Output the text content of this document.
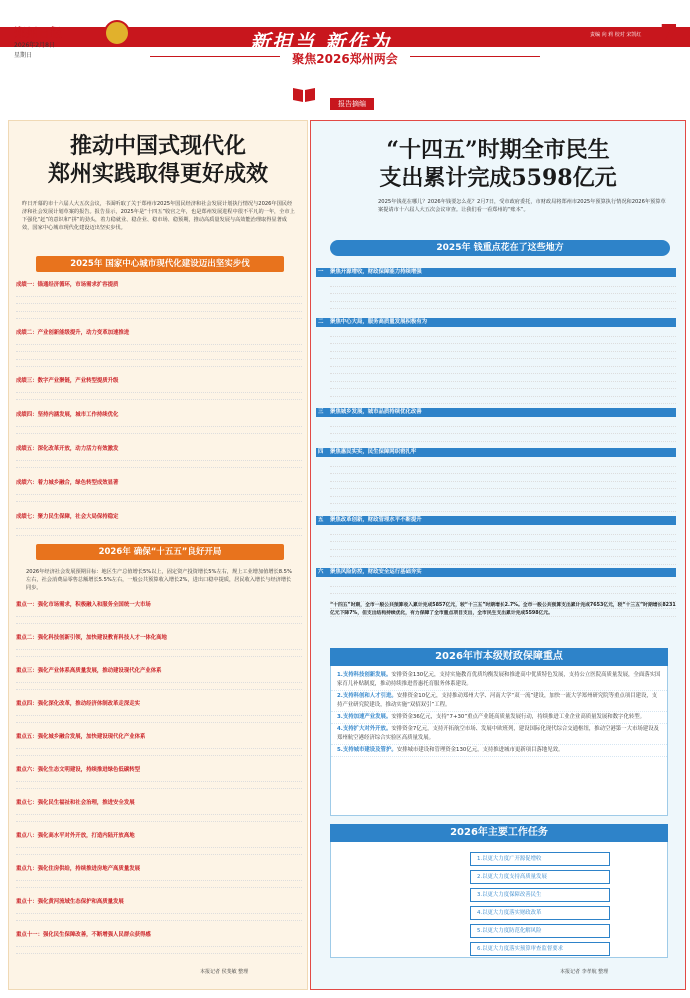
郑州日报
2026年2月8日
星期日
新担当 新作为	责编 向 莉 校对 宋凯红 7
聚焦2026郑州两会
报告摘编
推动中国式现代化
郑州实践取得更好成效
昨日开幕的市十六届人大五次会议，书面听取了关于郑州市2025年国民经济和社会发展计划执行情况与2026年国民经济和社会发展计划草案的报告。报告显示，2025年是“十四五”收官之年，也是郑州发展进程中很不平凡的一年，全市上下强化“赶”的意识和“拼”的劲头，着力稳就业、稳企业、稳市场、稳预期，推动高质量发展与高效能治理取得显著成效，国家中心城市现代化建设迈出坚实步伐。
2025年 国家中心城市现代化建设迈出坚实步伐
成绩一：锚通经济循环，市场需求扩容提质
成绩二：产业创新能级提升，动力变革加速推进
成绩三：数字产业聚链，产业转型提质升级
成绩四：坚持内涵发展，城市工作持续优化
成绩五：深化改革开放，动力活力有效激发
成绩六：着力城乡融合，绿色转型成效显著
成绩七：聚力民生保障，社会大局保持稳定
2026年 确保“十五五”良好开局
2026年经济社会发展预期目标：地区生产总值增长5%以上，固定资产投资增长5%左右，规上工业增加值增长8.5%左右，社会消费品零售总额增长5.5%左右，一般公共预算收入增长2%，进出口稳中提质，居民收入增长与经济增长同步。
重点一：强化市场需求，积极融入和服务全国统一大市场
重点二：强化科技创新引领，加快建设教育科技人才一体化高地
重点三：强化产业体系高质量发展，推动建设现代化产业体系
重点四：强化深化改革，推动经济体制改革走深走实
重点五：强化城乡融合发展，加快建设现代化产业体系
重点六：强化生态文明建设，持续推进绿色低碳转型
重点七：强化民生福祉和社会治理，推进安全发展
重点八：强化高水平对外开放，打造内陆开放高地
重点九：强化住房供给，持续推进房地产高质量发展
重点十：强化黄河流域生态保护和高质量发展
重点十一：强化民生保障改善，不断增强人民群众获得感
本报记者 侯斐敏 整理
“十四五”时期全市民生
支出累计完成5598亿元
2025年钱花在哪儿？2026年钱要怎么花？2月7日，受市政府委托，市财政局将郑州市2025年预算执行情况和2026年预算草案提请市十六届人大五次会议审查。让我们看一看郑州的“账本”。
2025年 钱重点花在了这些地方
一 聚焦开源增收，财政保障能力持续增强
二 聚焦中心大局，服务高质量发展积极有为
三 聚焦城乡发展，城市品质持续优化改善
四 聚焦惠民实实，民生保障网织密扎牢
五 聚焦改革创新，财政管理水平不断提升
六 聚焦风险防控，财政安全运行基础夯实
“十四五”时期，全市一般公共预算收入累计完成5857亿元，较“十三五”时期增长2.7%。全市一般公共预算支出累计完成7653亿元，较“十三五”时期增长8231亿元下降7%，但支出结构持续优化，有力保障了全市重点项目支出，全市民生支出累计完成5598亿元。
2026年市本级财政保障重点
1.支持科技创新发展。安排资金130亿元，支持实施教育优质均衡发展和推进高中优质特色发展，支持公立医院高质量发展，全面落实国家育儿补贴制度，推动持续推进普惠托育服务体系建设。
2.支持科创和人才引进。安排资金10亿元，支持推动郑州大学、河南大学“双一流”建设，加快一流大学郑州研究院等重点项目建设，支持产业研究院建设，推动实施“双招双引”工程。
3.支持加速产业发展。安排资金36亿元，支持“7+30”重点产业链高质量发展行动，持续推进工业企业高质量发展和数字化转型。
4.支持扩大对外开放。安排资金7亿元，支持开拓航空市场、发展中欧班列，建设国际化现代综合交通枢纽，推动空港第一大市场建设及郑州航空港经济综合实验区高质量发展。
5.支持城市建设及管护。安排城市建设和管理资金130亿元，支持推进城市更新项目落地见效。
2026年主要工作任务
1.以更大力度广开源促增收
2.以更大力度支持高质量发展
3.以更大力度保障改善民生
4.以更大力度落实财政改革
5.以更大力度防范化解风险
6.以更大力度落实预算审查监督要求
本报记者 李孝航 整理
